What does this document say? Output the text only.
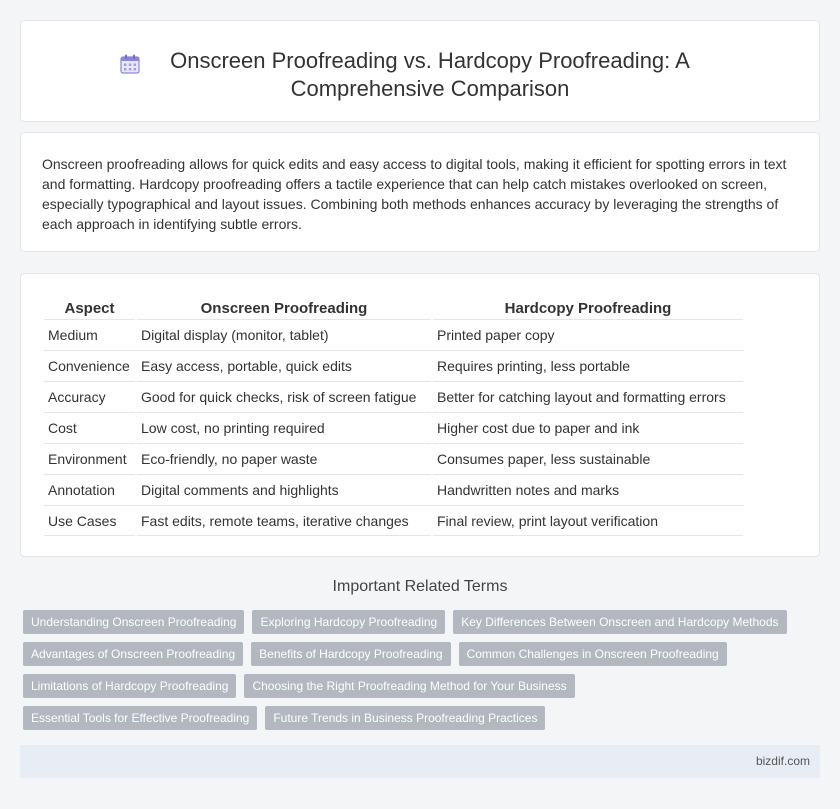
Onscreen Proofreading vs. Hardcopy Proofreading: A Comprehensive Comparison

Onscreen proofreading allows for quick edits and easy access to digital tools, making it efficient for spotting errors in text and formatting. Hardcopy proofreading offers a tactile experience that can help catch mistakes overlooked on screen, especially typographical and layout issues. Combining both methods enhances accuracy by leveraging the strengths of each approach in identifying subtle errors.

Aspect	Onscreen Proofreading	Hardcopy Proofreading
Medium	Digital display (monitor, tablet)	Printed paper copy
Convenience	Easy access, portable, quick edits	Requires printing, less portable
Accuracy	Good for quick checks, risk of screen fatigue	Better for catching layout and formatting errors
Cost	Low cost, no printing required	Higher cost due to paper and ink
Environment	Eco-friendly, no paper waste	Consumes paper, less sustainable
Annotation	Digital comments and highlights	Handwritten notes and marks
Use Cases	Fast edits, remote teams, iterative changes	Final review, print layout verification
Important Related Terms
Understanding Onscreen Proofreading	Exploring Hardcopy Proofreading	Key Differences Between Onscreen and Hardcopy Methods
Advantages of Onscreen Proofreading	Benefits of Hardcopy Proofreading	Common Challenges in Onscreen Proofreading
Limitations of Hardcopy Proofreading	Choosing the Right Proofreading Method for Your Business
Essential Tools for Effective Proofreading	Future Trends in Business Proofreading Practices
bizdif.com
